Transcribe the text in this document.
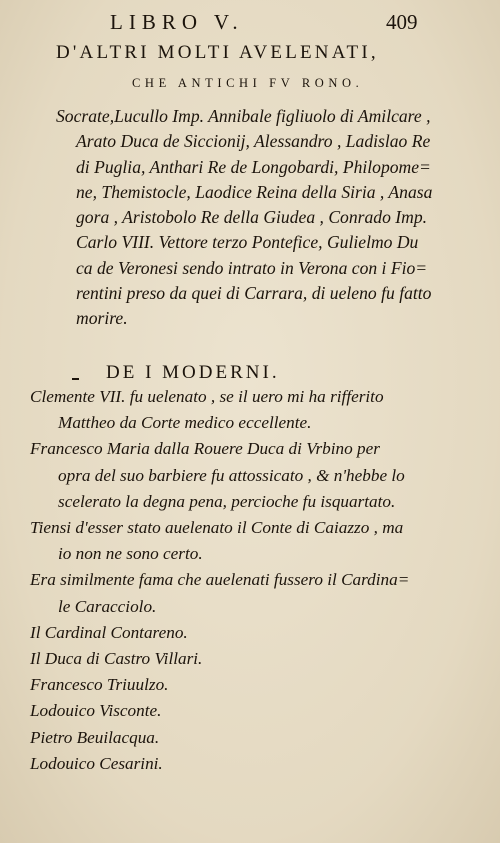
LIBRO V.	409
D'ALTRI MOLTI AVELENATI,
CHE ANTICHI FV RONO.
Socrate,Lucullo Imp. Annibale figliuolo di Amilcare ,
Arato Duca de Siccionij, Alessandro , Ladislao Re
di Puglia, Anthari Re de Longobardi, Philopome=
ne, Themistocle, Laodice Reina della Siria , Anasa
gora , Aristobolo Re della Giudea , Conrado Imp.
Carlo VIII. Vettore terzo Pontefice, Gulielmo Du
ca de Veronesi sendo intrato in Verona con i Fio=
rentini preso da quei di Carrara, di ueleno fu fatto
morire.
DE I MODERNI.
Clemente VII. fu uelenato , se il uero mi ha rifferito
Mattheo da Corte medico eccellente.
Francesco Maria dalla Rouere Duca di Vrbino per
opra del suo barbiere fu attossicato , & n'hebbe lo
scelerato la degna pena, percioche fu isquartato.
Tiensi d'esser stato auelenato il Conte di Caiazzo , ma
io non ne sono certo.
Era similmente fama che auelenati fussero il Cardina=
le Caracciolo.
Il Cardinal Contareno.
Il Duca di Castro Villari.
Francesco Triuulzo.
Lodouico Visconte.
Pietro Beuilacqua.
Lodouico Cesarini.
